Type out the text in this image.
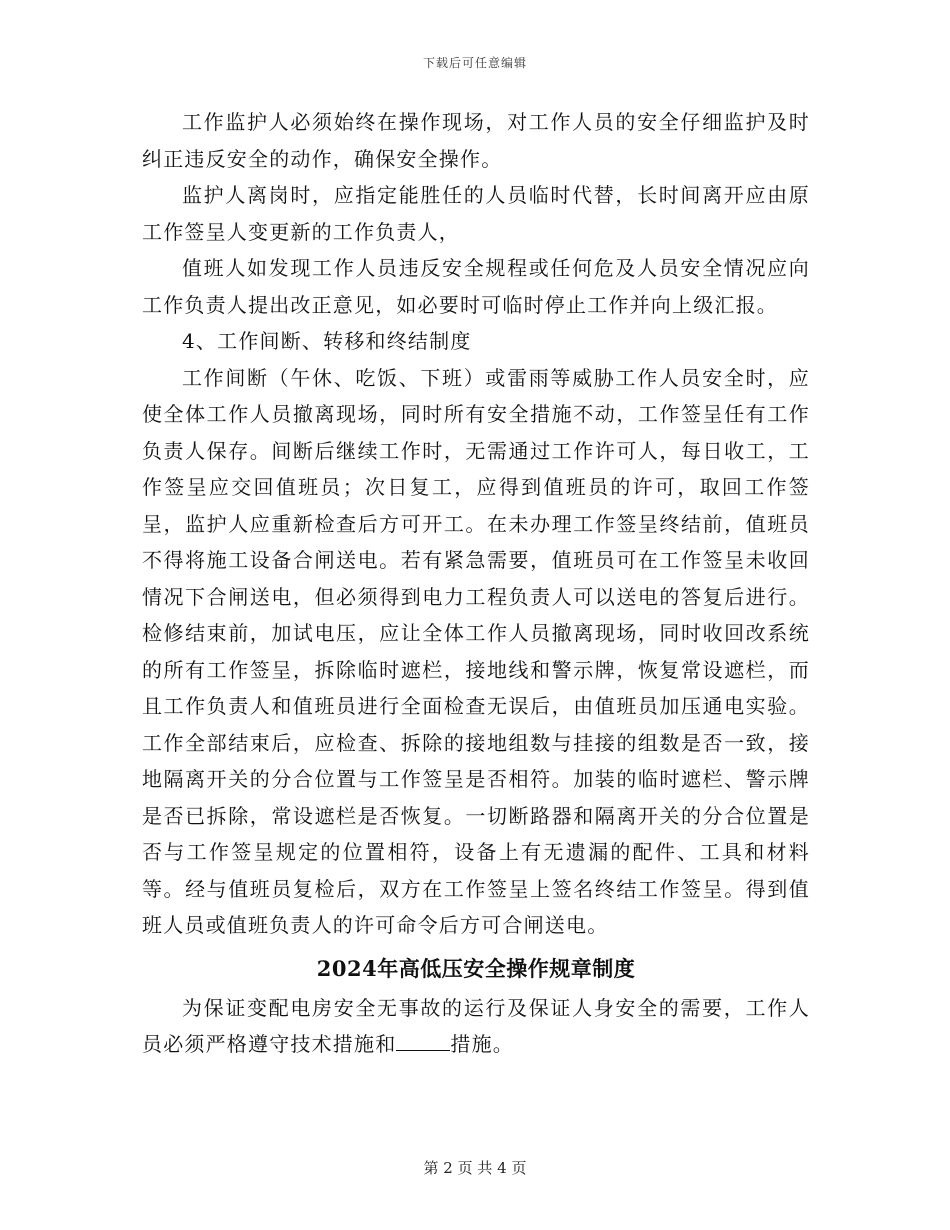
下载后可任意编辑

工作监护人必须始终在操作现场，对工作人员的安全仔细监护及时纠正违反安全的动作，确保安全操作。

监护人离岗时，应指定能胜任的人员临时代替，长时间离开应由原工作签呈人变更新的工作负责人，

值班人如发现工作人员违反安全规程或任何危及人员安全情况应向工作负责人提出改正意见，如必要时可临时停止工作并向上级汇报。

4、工作间断、转移和终结制度

工作间断（午休、吃饭、下班）或雷雨等威胁工作人员安全时，应使全体工作人员撤离现场，同时所有安全措施不动，工作签呈任有工作负责人保存。间断后继续工作时，无需通过工作许可人，每日收工，工作签呈应交回值班员；次日复工，应得到值班员的许可，取回工作签呈，监护人应重新检查后方可开工。在未办理工作签呈终结前，值班员不得将施工设备合闸送电。若有紧急需要，值班员可在工作签呈未收回情况下合闸送电，但必须得到电力工程负责人可以送电的答复后进行。检修结束前，加试电压，应让全体工作人员撤离现场，同时收回改系统的所有工作签呈，拆除临时遮栏，接地线和警示牌，恢复常设遮栏，而且工作负责人和值班员进行全面检查无误后，由值班员加压通电实验。工作全部结束后，应检查、拆除的接地组数与挂接的组数是否一致，接地隔离开关的分合位置与工作签呈是否相符。加装的临时遮栏、警示牌是否已拆除，常设遮栏是否恢复。一切断路器和隔离开关的分合位置是否与工作签呈规定的位置相符，设备上有无遗漏的配件、工具和材料等。经与值班员复检后，双方在工作签呈上签名终结工作签呈。得到值班人员或值班负责人的许可命令后方可合闸送电。

2024年高低压安全操作规章制度

为保证变配电房安全无事故的运行及保证人身安全的需要，工作人员必须严格遵守技术措施和	措施。

第 2 页 共 4 页
